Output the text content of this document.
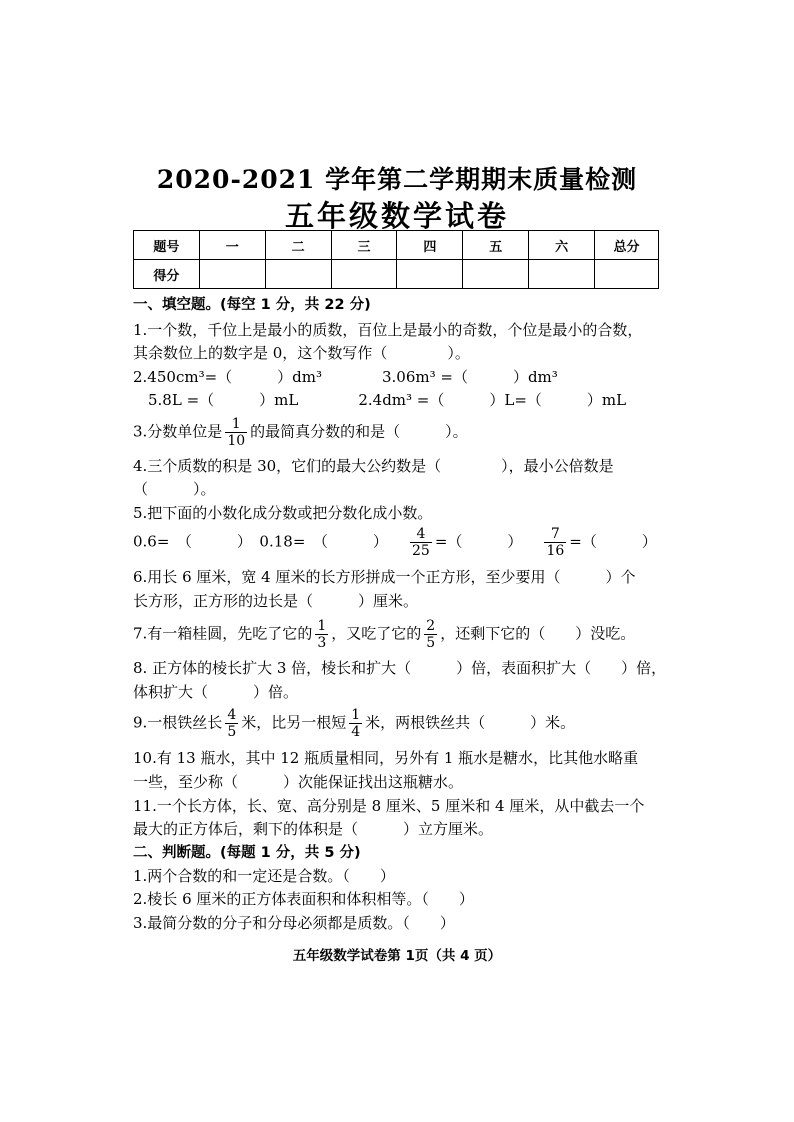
2020-2021 学年第二学期期末质量检测
五年级数学试卷
题号	一	二	三	四	五	六	总分
得分							
一、填空题。(每空 1 分，共 22 分)
1.一个数，千位上是最小的质数，百位上是最小的奇数，个位是最小的合数，
其余数位上的数字是 0，这个数写作（　　　　）。
2.450cm³=（　　　）dm³　　　　3.06m³ =（　　　）dm³
　5.8L =（　　　）mL　　　　2.4dm³ =（　　　）L=（　　　）mL
3.分数单位是 $\frac{1}{10}$ 的最简真分数的和是（　　　）。
4.三个质数的积是 30，它们的最大公约数是（　　　　），最小公倍数是
（　　　）。
5.把下面的小数化成分数或把分数化成小数。
0.6=　（　　　）　0.18=　（　　　） $\frac{4}{25}$ =（　　　） $\frac{7}{16}$ =（　　　）
6.用长 6 厘米，宽 4 厘米的长方形拼成一个正方形，至少要用（　　　）个
长方形，正方形的边长是（　　　）厘米。
7.有一箱桂圆，先吃了它的 $\frac{1}{3}$ ，又吃了它的 $\frac{2}{5}$ ，还剩下它的（　　）没吃。
8. 正方体的棱长扩大 3 倍，棱长和扩大（　　　）倍，表面积扩大（　　）倍，
体积扩大（　　　）倍。
9.一根铁丝长 $\frac{4}{5}$ 米，比另一根短 $\frac{1}{4}$ 米，两根铁丝共（　　　）米。
10.有 13 瓶水，其中 12 瓶质量相同，另外有 1 瓶水是糖水，比其他水略重
一些，至少称（　　　）次能保证找出这瓶糖水。
11.一个长方体，长、宽、高分别是 8 厘米、5 厘米和 4 厘米，从中截去一个
最大的正方体后，剩下的体积是（　　　）立方厘米。
二、判断题。(每题 1 分，共 5 分)
1.两个合数的和一定还是合数。（　　）
2.棱长 6 厘米的正方体表面积和体积相等。（　　）
3.最简分数的分子和分母必须都是质数。（　　）
五年级数学试卷第 1页（共 4 页）
